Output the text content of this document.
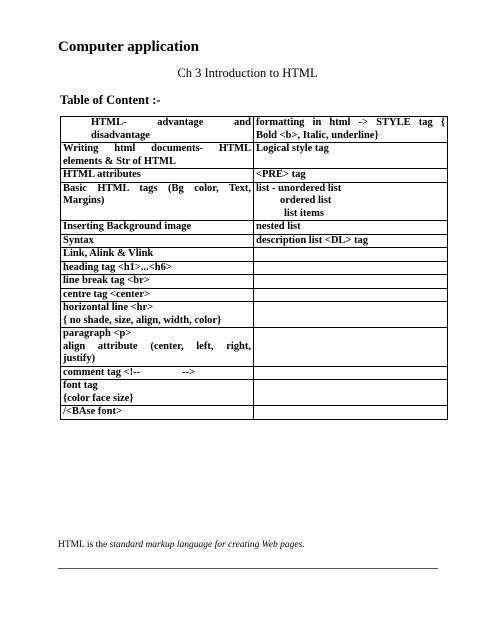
Computer application
Ch 3 Introduction to HTML
Table of Content :-
HTML- advantage and
disadvantage	formatting in html -> STYLE tag {
Bold <b>, Italic, underline}

Writing html documents- HTML
elements & Str of HTML	Logical style tag

HTML attributes	<PRE> tag

Basic HTML tags (Bg color, Text,
Margins)	list - unordered list
ordered list
list items

Inserting Background image	nested list

Syntax	description list <DL> tag

Link, Alink & Vlink	

heading tag <h1>...<h6>	

line break tag <br>	

centre tag <center>	

horizontal line <hr>
{ no shade, size, align, width, color}	

paragraph <p>
align attribute (center, left, right,
justify)	

comment tag <!--                -->	

font tag
{color face size}	

/<BAse font>	

HTML is the standard markup language for creating Web pages.
